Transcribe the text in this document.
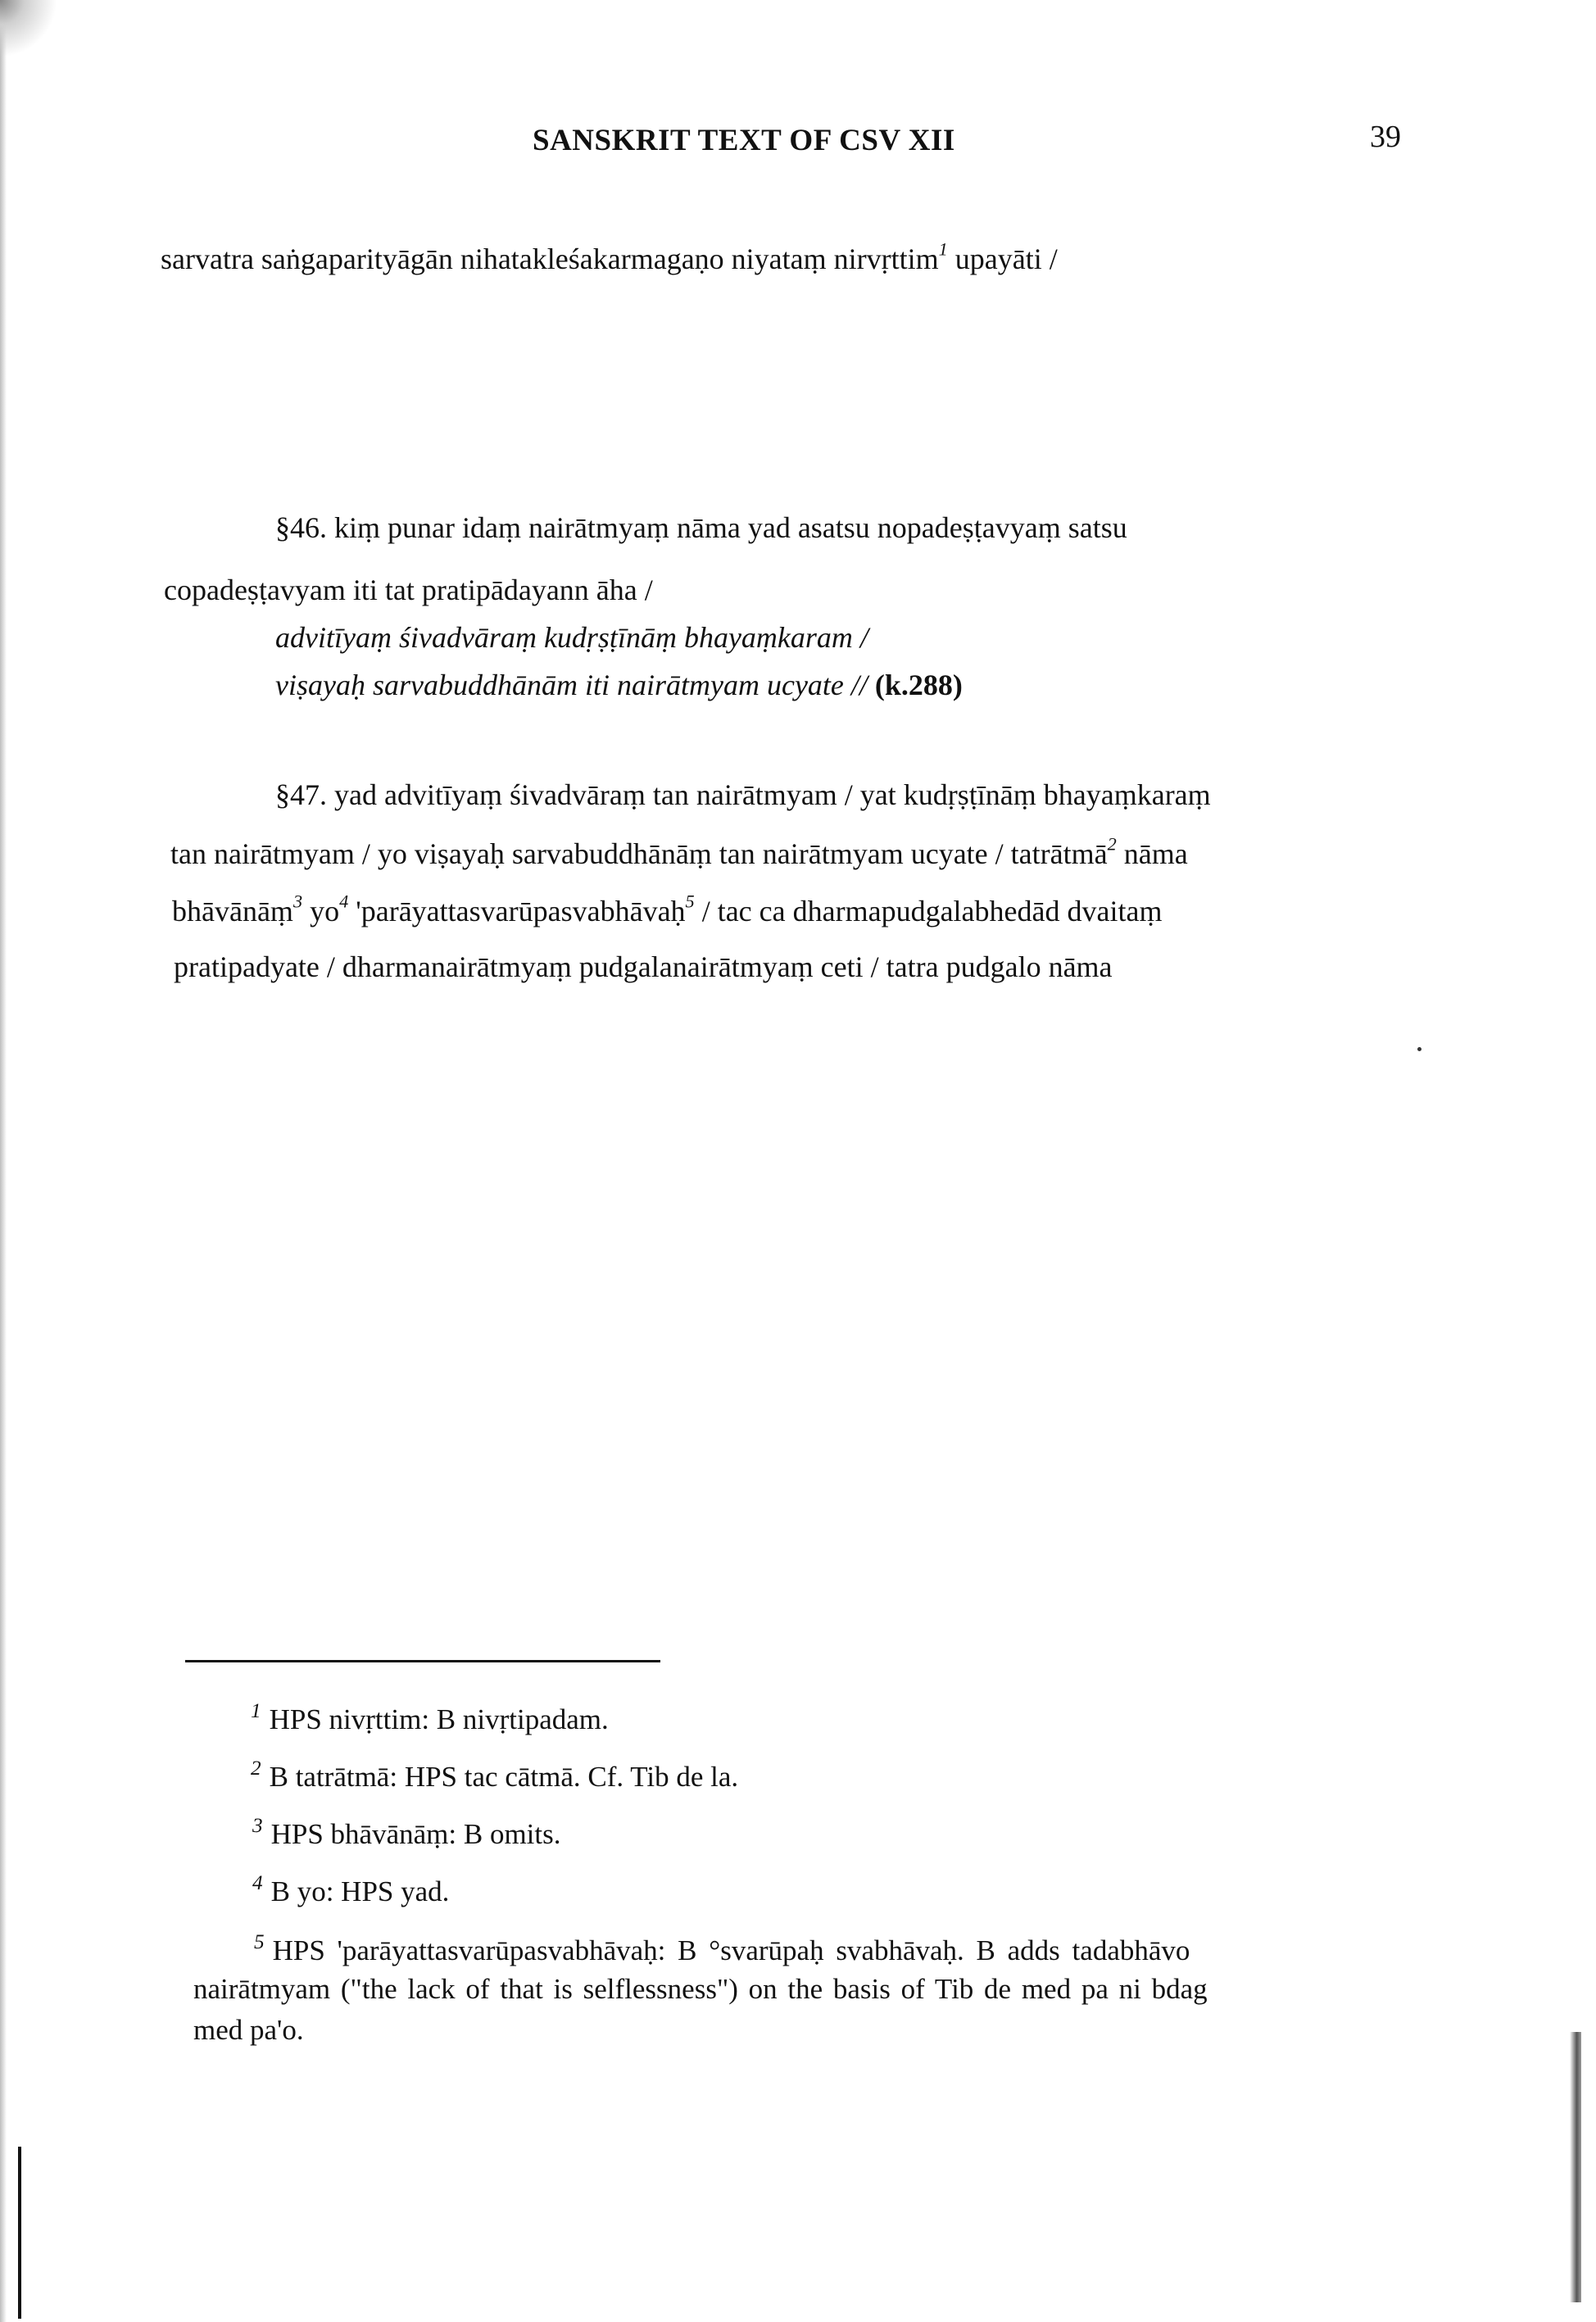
SANSKRIT TEXT OF CSV XII	39
sarvatra saṅgaparityāgān nihatakleśakarmagaṇo niyataṃ nirvṛttim$^1$ upayāti /
§46. kiṃ punar idaṃ nairātmyaṃ nāma yad asatsu nopadeṣṭavyaṃ satsu
copadeṣṭavyam iti tat pratipādayann āha /
advitīyaṃ śivadvāraṃ kudṛṣṭīnāṃ bhayaṃkaram /
viṣayaḥ sarvabuddhānām iti nairātmyam ucyate // (k.288)
§47. yad advitīyaṃ śivadvāraṃ tan nairātmyam / yat kudṛṣṭīnāṃ bhayaṃkaraṃ
tan nairātmyam / yo viṣayaḥ sarvabuddhānāṃ tan nairātmyam ucyate / tatrātmā$^2$ nāma
bhāvānāṃ$^3$ $yo^4$ 'parāyattasvarūpasvabhāvaḥ$^5$ / tac ca dharmapudgalabhedād dvaitaṃ
pratipadyate / dharmanairātmyaṃ pudgalanairātmyaṃ ceti / tatra pudgalo nāma
$^1$ HPS nivṛttim: B nivṛtipadam.
$^2$ B tatrātmā: HPS tac cātmā. Cf. Tib de la.
$^3$ HPS bhāvānāṃ: B omits.
$^4$ B yo: HPS yad.
$^5$ HPS 'parāyattasvarūpasvabhāvaḥ: B °svarūpaḥ svabhāvaḥ. B adds tadabhāvo
nairātmyam ("the lack of that is selflessness") on the basis of Tib de med pa ni bdag
med pa'o.
